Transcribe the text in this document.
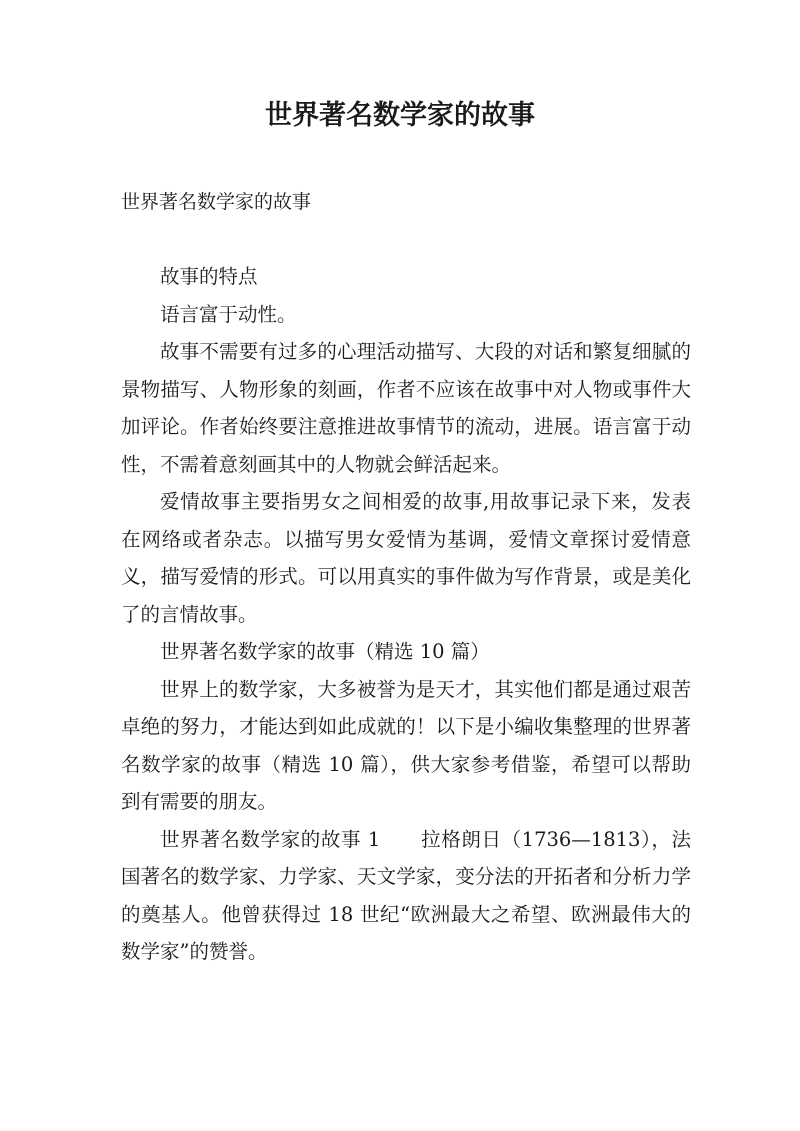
世界著名数学家的故事

世界著名数学家的故事

故事的特点

语言富于动性。

故事不需要有过多的心理活动描写、大段的对话和繁复细腻的景物描写、人物形象的刻画，作者不应该在故事中对人物或事件大加评论。作者始终要注意推进故事情节的流动，进展。语言富于动性，不需着意刻画其中的人物就会鲜活起来。

爱情故事主要指男女之间相爱的故事,用故事记录下来，发表在网络或者杂志。以描写男女爱情为基调，爱情文章探讨爱情意义，描写爱情的形式。可以用真实的事件做为写作背景，或是美化了的言情故事。

世界著名数学家的故事（精选 10 篇）

世界上的数学家，大多被誉为是天才，其实他们都是通过艰苦卓绝的努力，才能达到如此成就的！以下是小编收集整理的世界著名数学家的故事（精选 10 篇），供大家参考借鉴，希望可以帮助到有需要的朋友。

世界著名数学家的故事 1　　拉格朗日（1736—1813），法国著名的数学家、力学家、天文学家，变分法的开拓者和分析力学的奠基人。他曾获得过 18 世纪“欧洲最大之希望、欧洲最伟大的数学家”的赞誉。
